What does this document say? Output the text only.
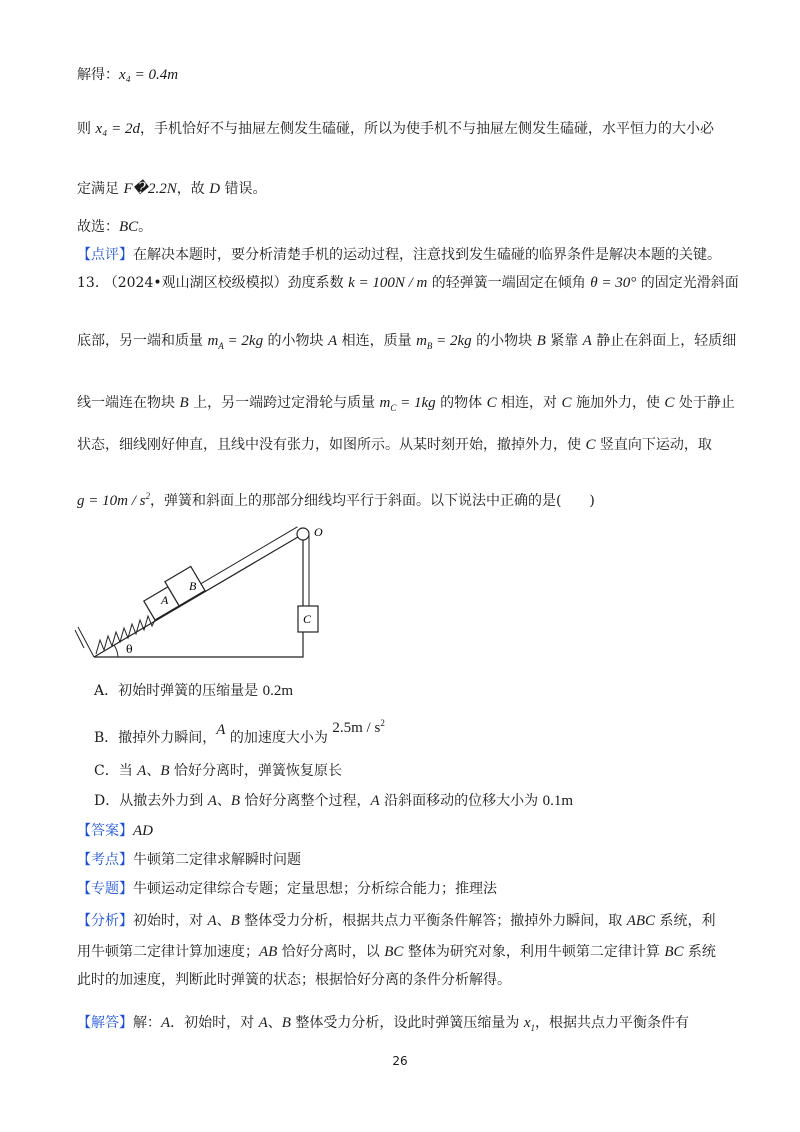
解得：x₄ = 0.4m
则 x₄ = 2d，手机恰好不与抽屉左侧发生磕碰，所以为使手机不与抽屉左侧发生磕碰，水平恒力的大小必
定满足 F�2.2N，故 D 错误。
故选：BC。
【点评】在解决本题时，要分析清楚手机的运动过程，注意找到发生磕碰的临界条件是解决本题的关键。
13. （2024•观山湖区校级模拟）劲度系数 k = 100N / m 的轻弹簧一端固定在倾角 θ = 30° 的固定光滑斜面
底部，另一端和质量 $m_A = 2kg$ 的小物块 A 相连，质量 $m_B = 2kg$ 的小物块 B 紧靠 A 静止在斜面上，轻质细
线一端连在物块 B 上，另一端跨过定滑轮与质量 $m_C = 1kg$ 的物体 C 相连，对 C 施加外力，使 C 处于静止
状态，细线刚好伸直，且线中没有张力，如图所示。从某时刻开始，撤掉外力，使 C 竖直向下运动，取
$g = 10m / s^2$，弹簧和斜面上的那部分细线均平行于斜面。以下说法中正确的是(　　)
O
A
B
C
θ
A．初始时弹簧的压缩量是 0.2m
B．撤掉外力瞬间，A 的加速度大小为 $2.5m / s^2$
C．当 A、B 恰好分离时，弹簧恢复原长
D．从撤去外力到 A、B 恰好分离整个过程，A 沿斜面移动的位移大小为 0.1m
【答案】AD
【考点】牛顿第二定律求解瞬时问题
【专题】牛顿运动定律综合专题；定量思想；分析综合能力；推理法
【分析】初始时，对 A、B 整体受力分析，根据共点力平衡条件解答；撤掉外力瞬间，取 ABC 系统，利
用牛顿第二定律计算加速度；AB 恰好分离时，以 BC 整体为研究对象，利用牛顿第二定律计算 BC 系统
此时的加速度，判断此时弹簧的状态；根据恰好分离的条件分析解得。
【解答】解：A．初始时，对 A、B 整体受力分析，设此时弹簧压缩量为 $x_1$，根据共点力平衡条件有
26
